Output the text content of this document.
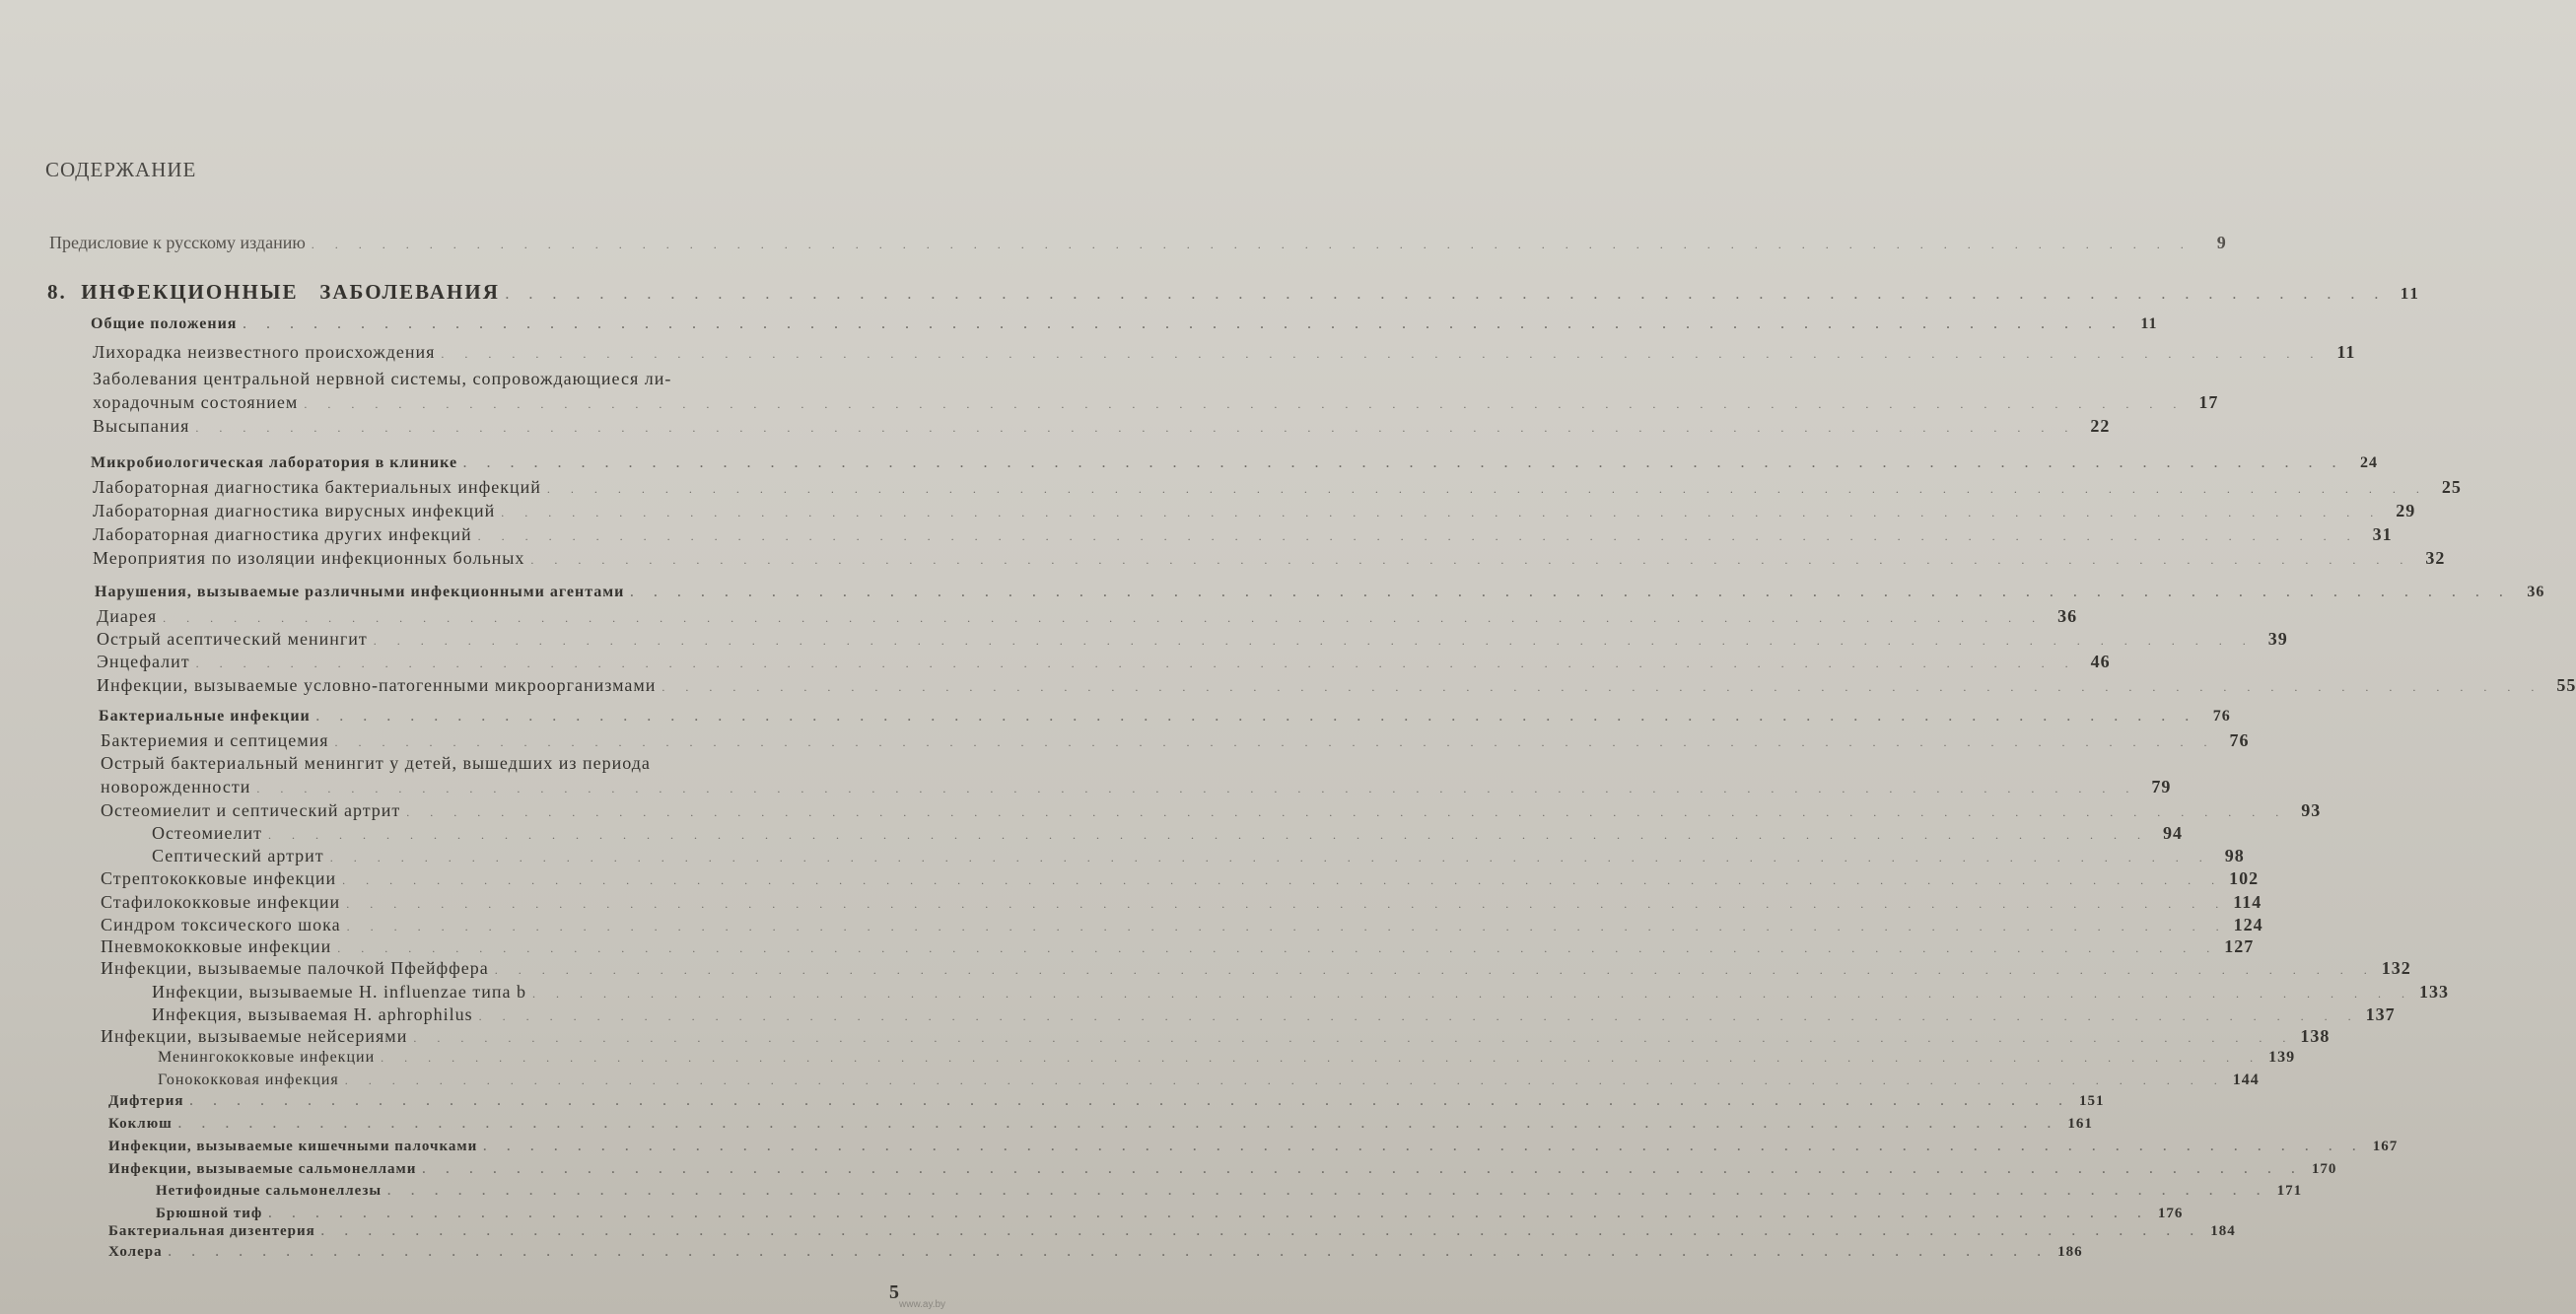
СОДЕРЖАНИЕ
Предисловие к русскому изданию . . . . . . . . . . . . . . . . . . . . . . . . . . . . . . . . . . . . . . . . . . . . . . . . . . . . . . . . . . . . . . . . . . . . . . . . . . . . . . . .	9
8.  ИНФЕКЦИОННЫЕ   ЗАБОЛЕВАНИЯ . . . . . . . . . . . . . . . . . . . . . . . . . . . . . . . . . . . . . . . . . . . . . . . . . . . . . . . . . . . . . . . . . . . . . . . . . . . . . . . . 11
Общие положения . . . . . . . . . . . . . . . . . . . . . . . . . . . . . . . . . . . . . . . . . . . . . . . . . . . . . . . . . . . . . . . . . . . . . . . . . . . . . . . .	11
Лихорадка неизвестного происхождения . . . . . . . . . . . . . . . . . . . . . . . . . . . . . . . . . . . . . . . . . . . . . . . . . . . . . . . . . . . . . . . . . . . . . . . . . . . . . . . . 11
Заболевания центральной нервной системы, сопровождающиеся ли-
хорадочным состоянием . . . . . . . . . . . . . . . . . . . . . . . . . . . . . . . . . . . . . . . . . . . . . . . . . . . . . . . . . . . . . . . . . . . . . . . . . . . . . . . . 17
Высыпания . . . . . . . . . . . . . . . . . . . . . . . . . . . . . . . . . . . . . . . . . . . . . . . . . . . . . . . . . . . . . . . . . . . . . . . . . . . . . . . . 22
Микробиологическая лаборатория в клинике . . . . . . . . . . . . . . . . . . . . . . . . . . . . . . . . . . . . . . . . . . . . . . . . . . . . . . . . . . . . . . . . . . . . . . . . . . . . . . . .	24
Лабораторная диагностика бактериальных инфекций . . . . . . . . . . . . . . . . . . . . . . . . . . . . . . . . . . . . . . . . . . . . . . . . . . . . . . . . . . . . . . . . . . . . . . . . . . . . . . . . 25
Лабораторная диагностика вирусных инфекций . . . . . . . . . . . . . . . . . . . . . . . . . . . . . . . . . . . . . . . . . . . . . . . . . . . . . . . . . . . . . . . . . . . . . . . . . . . . . . . . 29
Лабораторная диагностика других инфекций . . . . . . . . . . . . . . . . . . . . . . . . . . . . . . . . . . . . . . . . . . . . . . . . . . . . . . . . . . . . . . . . . . . . . . . . . . . . . . . . 31
Мероприятия по изоляции инфекционных больных . . . . . . . . . . . . . . . . . . . . . . . . . . . . . . . . . . . . . . . . . . . . . . . . . . . . . . . . . . . . . . . . . . . . . . . . . . . . . . . . 32
Нарушения, вызываемые различными инфекционными агентами . . . . . . . . . . . . . . . . . . . . . . . . . . . . . . . . . . . . . . . . . . . . . . . . . . . . . . . . . . . . . . . . . . . . . . . . . . . . . . . .	36
Диарея . . . . . . . . . . . . . . . . . . . . . . . . . . . . . . . . . . . . . . . . . . . . . . . . . . . . . . . . . . . . . . . . . . . . . . . . . . . . . . . . 36
Острый асептический менингит . . . . . . . . . . . . . . . . . . . . . . . . . . . . . . . . . . . . . . . . . . . . . . . . . . . . . . . . . . . . . . . . . . . . . . . . . . . . . . . . 39
Энцефалит . . . . . . . . . . . . . . . . . . . . . . . . . . . . . . . . . . . . . . . . . . . . . . . . . . . . . . . . . . . . . . . . . . . . . . . . . . . . . . . . 46
Инфекции, вызываемые условно-патогенными микроорганизмами . . . . . . . . . . . . . . . . . . . . . . . . . . . . . . . . . . . . . . . . . . . . . . . . . . . . . . . . . . . . . . . . . . . . . . . . . . . . . . . . 55
Бактериальные инфекции . . . . . . . . . . . . . . . . . . . . . . . . . . . . . . . . . . . . . . . . . . . . . . . . . . . . . . . . . . . . . . . . . . . . . . . . . . . . . . . .	76
Бактериемия и септицемия . . . . . . . . . . . . . . . . . . . . . . . . . . . . . . . . . . . . . . . . . . . . . . . . . . . . . . . . . . . . . . . . . . . . . . . . . . . . . . . . 76
Острый бактериальный менингит у детей, вышедших из периода
новорожденности . . . . . . . . . . . . . . . . . . . . . . . . . . . . . . . . . . . . . . . . . . . . . . . . . . . . . . . . . . . . . . . . . . . . . . . . . . . . . . . . 79
Остеомиелит и септический артрит . . . . . . . . . . . . . . . . . . . . . . . . . . . . . . . . . . . . . . . . . . . . . . . . . . . . . . . . . . . . . . . . . . . . . . . . . . . . . . . . 93
Остеомиелит . . . . . . . . . . . . . . . . . . . . . . . . . . . . . . . . . . . . . . . . . . . . . . . . . . . . . . . . . . . . . . . . . . . . . . . . . . . . . . . . 94
Септический артрит . . . . . . . . . . . . . . . . . . . . . . . . . . . . . . . . . . . . . . . . . . . . . . . . . . . . . . . . . . . . . . . . . . . . . . . . . . . . . . . . 98
Стрептококковые инфекции . . . . . . . . . . . . . . . . . . . . . . . . . . . . . . . . . . . . . . . . . . . . . . . . . . . . . . . . . . . . . . . . . . . . . . . . . . . . . . . . 102
Стафилококковые инфекции . . . . . . . . . . . . . . . . . . . . . . . . . . . . . . . . . . . . . . . . . . . . . . . . . . . . . . . . . . . . . . . . . . . . . . . . . . . . . . . . 114
Синдром токсического шока . . . . . . . . . . . . . . . . . . . . . . . . . . . . . . . . . . . . . . . . . . . . . . . . . . . . . . . . . . . . . . . . . . . . . . . . . . . . . . . . 124
Пневмококковые инфекции . . . . . . . . . . . . . . . . . . . . . . . . . . . . . . . . . . . . . . . . . . . . . . . . . . . . . . . . . . . . . . . . . . . . . . . . . . . . . . . . 127
Инфекции, вызываемые палочкой Пфейффера . . . . . . . . . . . . . . . . . . . . . . . . . . . . . . . . . . . . . . . . . . . . . . . . . . . . . . . . . . . . . . . . . . . . . . . . . . . . . . . . 132
Инфекции, вызываемые H. influenzae типа b . . . . . . . . . . . . . . . . . . . . . . . . . . . . . . . . . . . . . . . . . . . . . . . . . . . . . . . . . . . . . . . . . . . . . . . . . . . . . . . . 133
Инфекция, вызываемая H. aphrophilus . . . . . . . . . . . . . . . . . . . . . . . . . . . . . . . . . . . . . . . . . . . . . . . . . . . . . . . . . . . . . . . . . . . . . . . . . . . . . . . . 137
Инфекции, вызываемые нейсериями . . . . . . . . . . . . . . . . . . . . . . . . . . . . . . . . . . . . . . . . . . . . . . . . . . . . . . . . . . . . . . . . . . . . . . . . . . . . . . . . 138
Менингококковые инфекции . . . . . . . . . . . . . . . . . . . . . . . . . . . . . . . . . . . . . . . . . . . . . . . . . . . . . . . . . . . . . . . . . . . . . . . . . . . . . . . . 139
Гонококковая инфекция . . . . . . . . . . . . . . . . . . . . . . . . . . . . . . . . . . . . . . . . . . . . . . . . . . . . . . . . . . . . . . . . . . . . . . . . . . . . . . . . 144
Дифтерия . . . . . . . . . . . . . . . . . . . . . . . . . . . . . . . . . . . . . . . . . . . . . . . . . . . . . . . . . . . . . . . . . . . . . . . . . . . . . . . . 151
Коклюш . . . . . . . . . . . . . . . . . . . . . . . . . . . . . . . . . . . . . . . . . . . . . . . . . . . . . . . . . . . . . . . . . . . . . . . . . . . . . . . . 161
Инфекции, вызываемые кишечными палочками . . . . . . . . . . . . . . . . . . . . . . . . . . . . . . . . . . . . . . . . . . . . . . . . . . . . . . . . . . . . . . . . . . . . . . . . . . . . . . . . 167
Инфекции, вызываемые сальмонеллами . . . . . . . . . . . . . . . . . . . . . . . . . . . . . . . . . . . . . . . . . . . . . . . . . . . . . . . . . . . . . . . . . . . . . . . . . . . . . . . . 170
Нетифоидные сальмонеллезы . . . . . . . . . . . . . . . . . . . . . . . . . . . . . . . . . . . . . . . . . . . . . . . . . . . . . . . . . . . . . . . . . . . . . . . . . . . . . . . . 171
Брюшной тиф . . . . . . . . . . . . . . . . . . . . . . . . . . . . . . . . . . . . . . . . . . . . . . . . . . . . . . . . . . . . . . . . . . . . . . . . . . . . . . . . 176
Бактериальная дизентерия . . . . . . . . . . . . . . . . . . . . . . . . . . . . . . . . . . . . . . . . . . . . . . . . . . . . . . . . . . . . . . . . . . . . . . . . . . . . . . . . 184
Холера . . . . . . . . . . . . . . . . . . . . . . . . . . . . . . . . . . . . . . . . . . . . . . . . . . . . . . . . . . . . . . . . . . . . . . . . . . . . . . . . 186
5
www.ay.by
